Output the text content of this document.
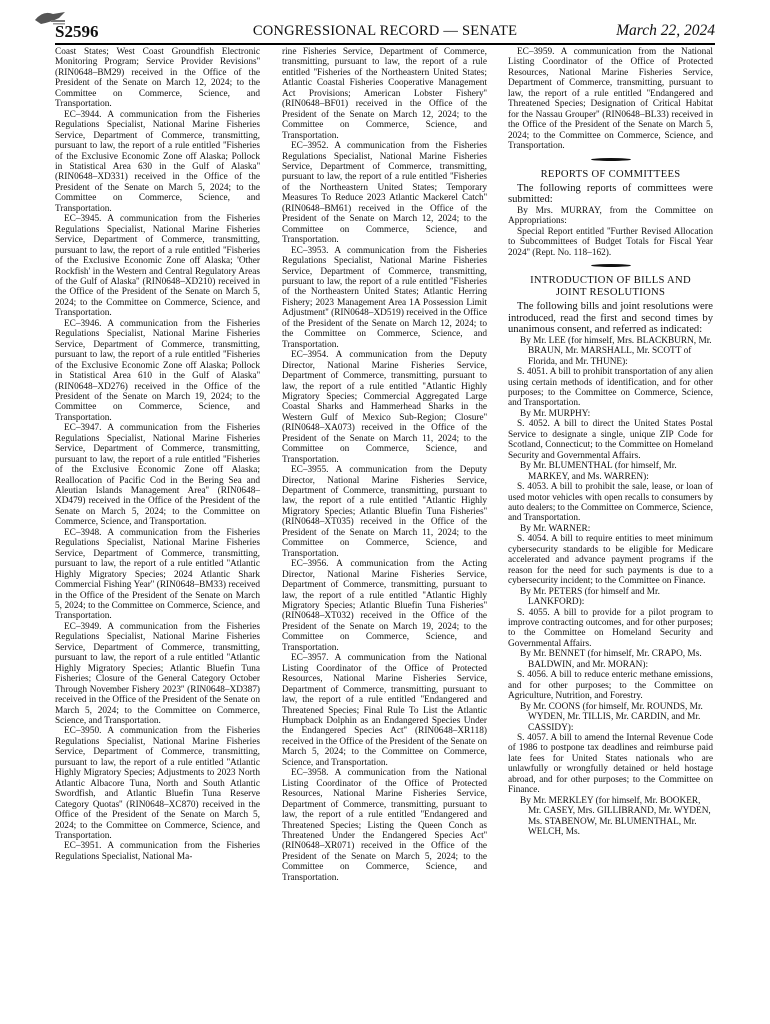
S2596	CONGRESSIONAL RECORD — SENATE	March 22, 2024

Coast States; West Coast Groundfish Electronic Monitoring Program; Service Provider Revisions'' (RIN0648–BM29) received in the Office of the President of the Senate on March 12, 2024; to the Committee on Commerce, Science, and Transportation.

EC–3944. A communication from the Fisheries Regulations Specialist, National Marine Fisheries Service, Department of Commerce, transmitting, pursuant to law, the report of a rule entitled ''Fisheries of the Exclusive Economic Zone off Alaska; Pollock in Statistical Area 630 in the Gulf of Alaska'' (RIN0648–XD331) received in the Office of the President of the Senate on March 5, 2024; to the Committee on Commerce, Science, and Transportation.

EC–3945. A communication from the Fisheries Regulations Specialist, National Marine Fisheries Service, Department of Commerce, transmitting, pursuant to law, the report of a rule entitled ''Fisheries of the Exclusive Economic Zone off Alaska; 'Other Rockfish' in the Western and Central Regulatory Areas of the Gulf of Alaska'' (RIN0648–XD210) received in the Office of the President of the Senate on March 5, 2024; to the Committee on Commerce, Science, and Transportation.

EC–3946. A communication from the Fisheries Regulations Specialist, National Marine Fisheries Service, Department of Commerce, transmitting, pursuant to law, the report of a rule entitled ''Fisheries of the Exclusive Economic Zone off Alaska; Pollock in Statistical Area 610 in the Gulf of Alaska'' (RIN0648–XD276) received in the Office of the President of the Senate on March 19, 2024; to the Committee on Commerce, Science, and Transportation.

EC–3947. A communication from the Fisheries Regulations Specialist, National Marine Fisheries Service, Department of Commerce, transmitting, pursuant to law, the report of a rule entitled ''Fisheries of the Exclusive Economic Zone off Alaska; Reallocation of Pacific Cod in the Bering Sea and Aleutian Islands Management Area'' (RIN0648–XD479) received in the Office of the President of the Senate on March 5, 2024; to the Committee on Commerce, Science, and Transportation.

EC–3948. A communication from the Fisheries Regulations Specialist, National Marine Fisheries Service, Department of Commerce, transmitting, pursuant to law, the report of a rule entitled ''Atlantic Highly Migratory Species; 2024 Atlantic Shark Commercial Fishing Year'' (RIN0648–BM33) received in the Office of the President of the Senate on March 5, 2024; to the Committee on Commerce, Science, and Transportation.

EC–3949. A communication from the Fisheries Regulations Specialist, National Marine Fisheries Service, Department of Commerce, transmitting, pursuant to law, the report of a rule entitled ''Atlantic Highly Migratory Species; Atlantic Bluefin Tuna Fisheries; Closure of the General Category October Through November Fishery 2023'' (RIN0648–XD387) received in the Office of the President of the Senate on March 5, 2024; to the Committee on Commerce, Science, and Transportation.

EC–3950. A communication from the Fisheries Regulations Specialist, National Marine Fisheries Service, Department of Commerce, transmitting, pursuant to law, the report of a rule entitled ''Atlantic Highly Migratory Species; Adjustments to 2023 North Atlantic Albacore Tuna, North and South Atlantic Swordfish, and Atlantic Bluefin Tuna Reserve Category Quotas'' (RIN0648–XC870) received in the Office of the President of the Senate on March 5, 2024; to the Committee on Commerce, Science, and Transportation.

EC–3951. A communication from the Fisheries Regulations Specialist, National Ma-

rine Fisheries Service, Department of Commerce, transmitting, pursuant to law, the report of a rule entitled ''Fisheries of the Northeastern United States; Atlantic Coastal Fisheries Cooperative Management Act Provisions; American Lobster Fishery'' (RIN0648–BF01) received in the Office of the President of the Senate on March 12, 2024; to the Committee on Commerce, Science, and Transportation.

EC–3952. A communication from the Fisheries Regulations Specialist, National Marine Fisheries Service, Department of Commerce, transmitting, pursuant to law, the report of a rule entitled ''Fisheries of the Northeastern United States; Temporary Measures To Reduce 2023 Atlantic Mackerel Catch'' (RIN0648–BM61) received in the Office of the President of the Senate on March 12, 2024; to the Committee on Commerce, Science, and Transportation.

EC–3953. A communication from the Fisheries Regulations Specialist, National Marine Fisheries Service, Department of Commerce, transmitting, pursuant to law, the report of a rule entitled ''Fisheries of the Northeastern United States; Atlantic Herring Fishery; 2023 Management Area 1A Possession Limit Adjustment'' (RIN0648–XD519) received in the Office of the President of the Senate on March 12, 2024; to the Committee on Commerce, Science, and Transportation.

EC–3954. A communication from the Deputy Director, National Marine Fisheries Service, Department of Commerce, transmitting, pursuant to law, the report of a rule entitled ''Atlantic Highly Migratory Species; Commercial Aggregated Large Coastal Sharks and Hammerhead Sharks in the Western Gulf of Mexico Sub-Region; Closure'' (RIN0648–XA073) received in the Office of the President of the Senate on March 11, 2024; to the Committee on Commerce, Science, and Transportation.

EC–3955. A communication from the Deputy Director, National Marine Fisheries Service, Department of Commerce, transmitting, pursuant to law, the report of a rule entitled ''Atlantic Highly Migratory Species; Atlantic Bluefin Tuna Fisheries'' (RIN0648–XT035) received in the Office of the President of the Senate on March 11, 2024; to the Committee on Commerce, Science, and Transportation.

EC–3956. A communication from the Acting Director, National Marine Fisheries Service, Department of Commerce, transmitting, pursuant to law, the report of a rule entitled ''Atlantic Highly Migratory Species; Atlantic Bluefin Tuna Fisheries'' (RIN0648–XT032) received in the Office of the President of the Senate on March 19, 2024; to the Committee on Commerce, Science, and Transportation.

EC–3957. A communication from the National Listing Coordinator of the Office of Protected Resources, National Marine Fisheries Service, Department of Commerce, transmitting, pursuant to law, the report of a rule entitled ''Endangered and Threatened Species; Final Rule To List the Atlantic Humpback Dolphin as an Endangered Species Under the Endangered Species Act'' (RIN0648–XR118) received in the Office of the President of the Senate on March 5, 2024; to the Committee on Commerce, Science, and Transportation.

EC–3958. A communication from the National Listing Coordinator of the Office of Protected Resources, National Marine Fisheries Service, Department of Commerce, transmitting, pursuant to law, the report of a rule entitled ''Endangered and Threatened Species; Listing the Queen Conch as Threatened Under the Endangered Species Act'' (RIN0648–XR071) received in the Office of the President of the Senate on March 5, 2024; to the Committee on Commerce, Science, and Transportation.

EC–3959. A communication from the National Listing Coordinator of the Office of Protected Resources, National Marine Fisheries Service, Department of Commerce, transmitting, pursuant to law, the report of a rule entitled ''Endangered and Threatened Species; Designation of Critical Habitat for the Nassau Grouper'' (RIN0648–BL33) received in the Office of the President of the Senate on March 5, 2024; to the Committee on Commerce, Science, and Transportation.

REPORTS OF COMMITTEES

The following reports of committees were submitted:

By Mrs. MURRAY, from the Committee on Appropriations:

Special Report entitled ''Further Revised Allocation to Subcommittees of Budget Totals for Fiscal Year 2024'' (Rept. No. 118–162).

INTRODUCTION OF BILLS AND
JOINT RESOLUTIONS

The following bills and joint resolutions were introduced, read the first and second times by unanimous consent, and referred as indicated:

By Mr. LEE (for himself, Mrs. BLACKBURN, Mr. BRAUN, Mr. MARSHALL, Mr. SCOTT of Florida, and Mr. THUNE):

S. 4051. A bill to prohibit transportation of any alien using certain methods of identification, and for other purposes; to the Committee on Commerce, Science, and Transportation.

By Mr. MURPHY:

S. 4052. A bill to direct the United States Postal Service to designate a single, unique ZIP Code for Scotland, Connecticut; to the Committee on Homeland Security and Governmental Affairs.

By Mr. BLUMENTHAL (for himself, Mr. MARKEY, and Ms. WARREN):

S. 4053. A bill to prohibit the sale, lease, or loan of used motor vehicles with open recalls to consumers by auto dealers; to the Committee on Commerce, Science, and Transportation.

By Mr. WARNER:

S. 4054. A bill to require entities to meet minimum cybersecurity standards to be eligible for Medicare accelerated and advance payment programs if the reason for the need for such payments is due to a cybersecurity incident; to the Committee on Finance.

By Mr. PETERS (for himself and Mr. LANKFORD):

S. 4055. A bill to provide for a pilot program to improve contracting outcomes, and for other purposes; to the Committee on Homeland Security and Governmental Affairs.

By Mr. BENNET (for himself, Mr. CRAPO, Ms. BALDWIN, and Mr. MORAN):

S. 4056. A bill to reduce enteric methane emissions, and for other purposes; to the Committee on Agriculture, Nutrition, and Forestry.

By Mr. COONS (for himself, Mr. ROUNDS, Mr. WYDEN, Mr. TILLIS, Mr. CARDIN, and Mr. CASSIDY):

S. 4057. A bill to amend the Internal Revenue Code of 1986 to postpone tax deadlines and reimburse paid late fees for United States nationals who are unlawfully or wrongfully detained or held hostage abroad, and for other purposes; to the Committee on Finance.

By Mr. MERKLEY (for himself, Mr. BOOKER, Mr. CASEY, Mrs. GILLIBRAND, Mr. WYDEN, Ms. STABENOW, Mr. BLUMENTHAL, Mr. WELCH, Ms.
